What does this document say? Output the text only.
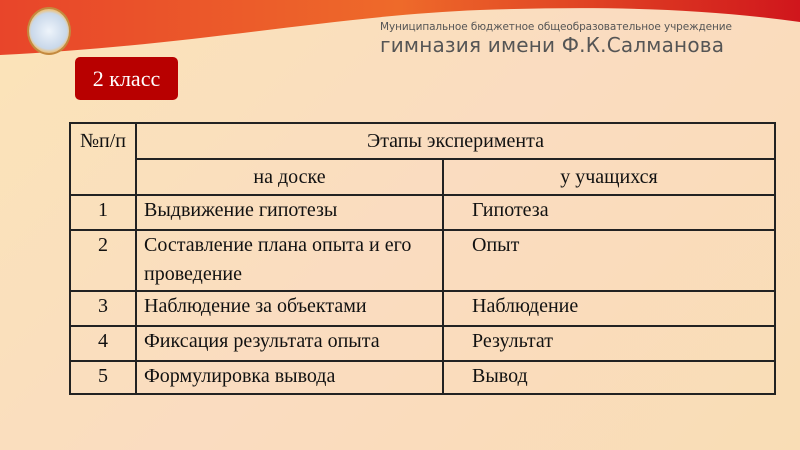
Муниципальное бюджетное общеобразовательное учреждение
гимназия имени Ф.К.Салманова
2 класс
№п/п	Этапы эксперимента	
	на доске	у учащихся
1	Выдвижение гипотезы	Гипотеза
2	Составление плана опыта и его проведение	Опыт
3	Наблюдение за объектами	Наблюдение
4	Фиксация результата опыта	Результат
5	Формулировка вывода	Вывод
